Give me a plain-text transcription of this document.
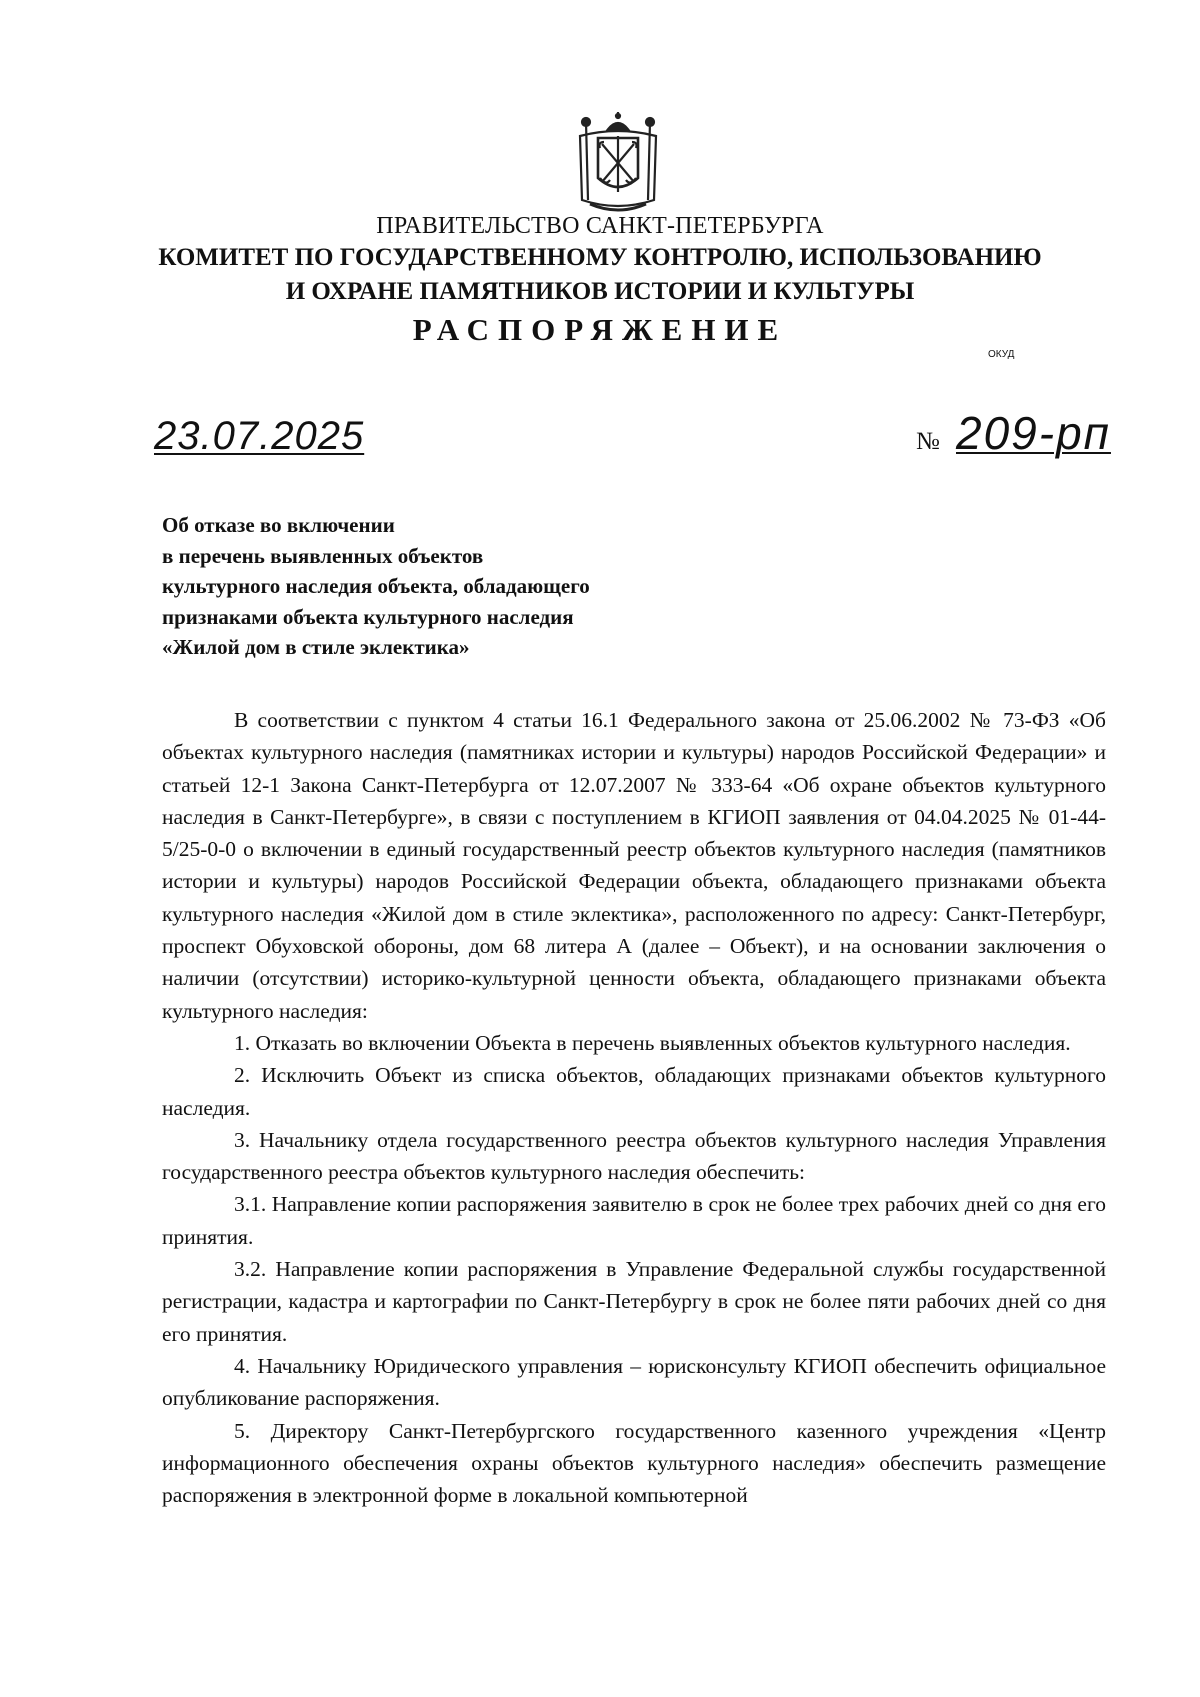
ПРАВИТЕЛЬСТВО САНКТ-ПЕТЕРБУРГА
КОМИТЕТ ПО ГОСУДАРСТВЕННОМУ КОНТРОЛЮ, ИСПОЛЬЗОВАНИЮ
И ОХРАНЕ ПАМЯТНИКОВ ИСТОРИИ И КУЛЬТУРЫ
РАСПОРЯЖЕНИЕ
ОКУД
23.07.2025	№ 209-рп
Об отказе во включении
в перечень выявленных объектов
культурного наследия объекта, обладающего
признаками объекта культурного наследия
«Жилой дом в стиле эклектика»

В соответствии с пунктом 4 статьи 16.1 Федерального закона от 25.06.2002 № 73-ФЗ «Об объектах культурного наследия (памятниках истории и культуры) народов Российской Федерации» и статьей 12-1 Закона Санкт-Петербурга от 12.07.2007 № 333-64 «Об охране объектов культурного наследия в Санкт-Петербурге», в связи с поступлением в КГИОП заявления от 04.04.2025 № 01-44-5/25-0-0 о включении в единый государственный реестр объектов культурного наследия (памятников истории и культуры) народов Российской Федерации объекта, обладающего признаками объекта культурного наследия «Жилой дом в стиле эклектика», расположенного по адресу: Санкт-Петербург, проспект Обуховской обороны, дом 68 литера А (далее – Объект), и на основании заключения о наличии (отсутствии) историко-культурной ценности объекта, обладающего признаками объекта культурного наследия:

1. Отказать во включении Объекта в перечень выявленных объектов культурного наследия.

2. Исключить Объект из списка объектов, обладающих признаками объектов культурного наследия.

3. Начальнику отдела государственного реестра объектов культурного наследия Управления государственного реестра объектов культурного наследия обеспечить:

3.1. Направление копии распоряжения заявителю в срок не более трех рабочих дней со дня его принятия.

3.2. Направление копии распоряжения в Управление Федеральной службы государственной регистрации, кадастра и картографии по Санкт-Петербургу в срок не более пяти рабочих дней со дня его принятия.

4. Начальнику Юридического управления – юрисконсульту КГИОП обеспечить официальное опубликование распоряжения.

5. Директору Санкт-Петербургского государственного казенного учреждения «Центр информационного обеспечения охраны объектов культурного наследия» обеспечить размещение распоряжения в электронной форме в локальной компьютерной
